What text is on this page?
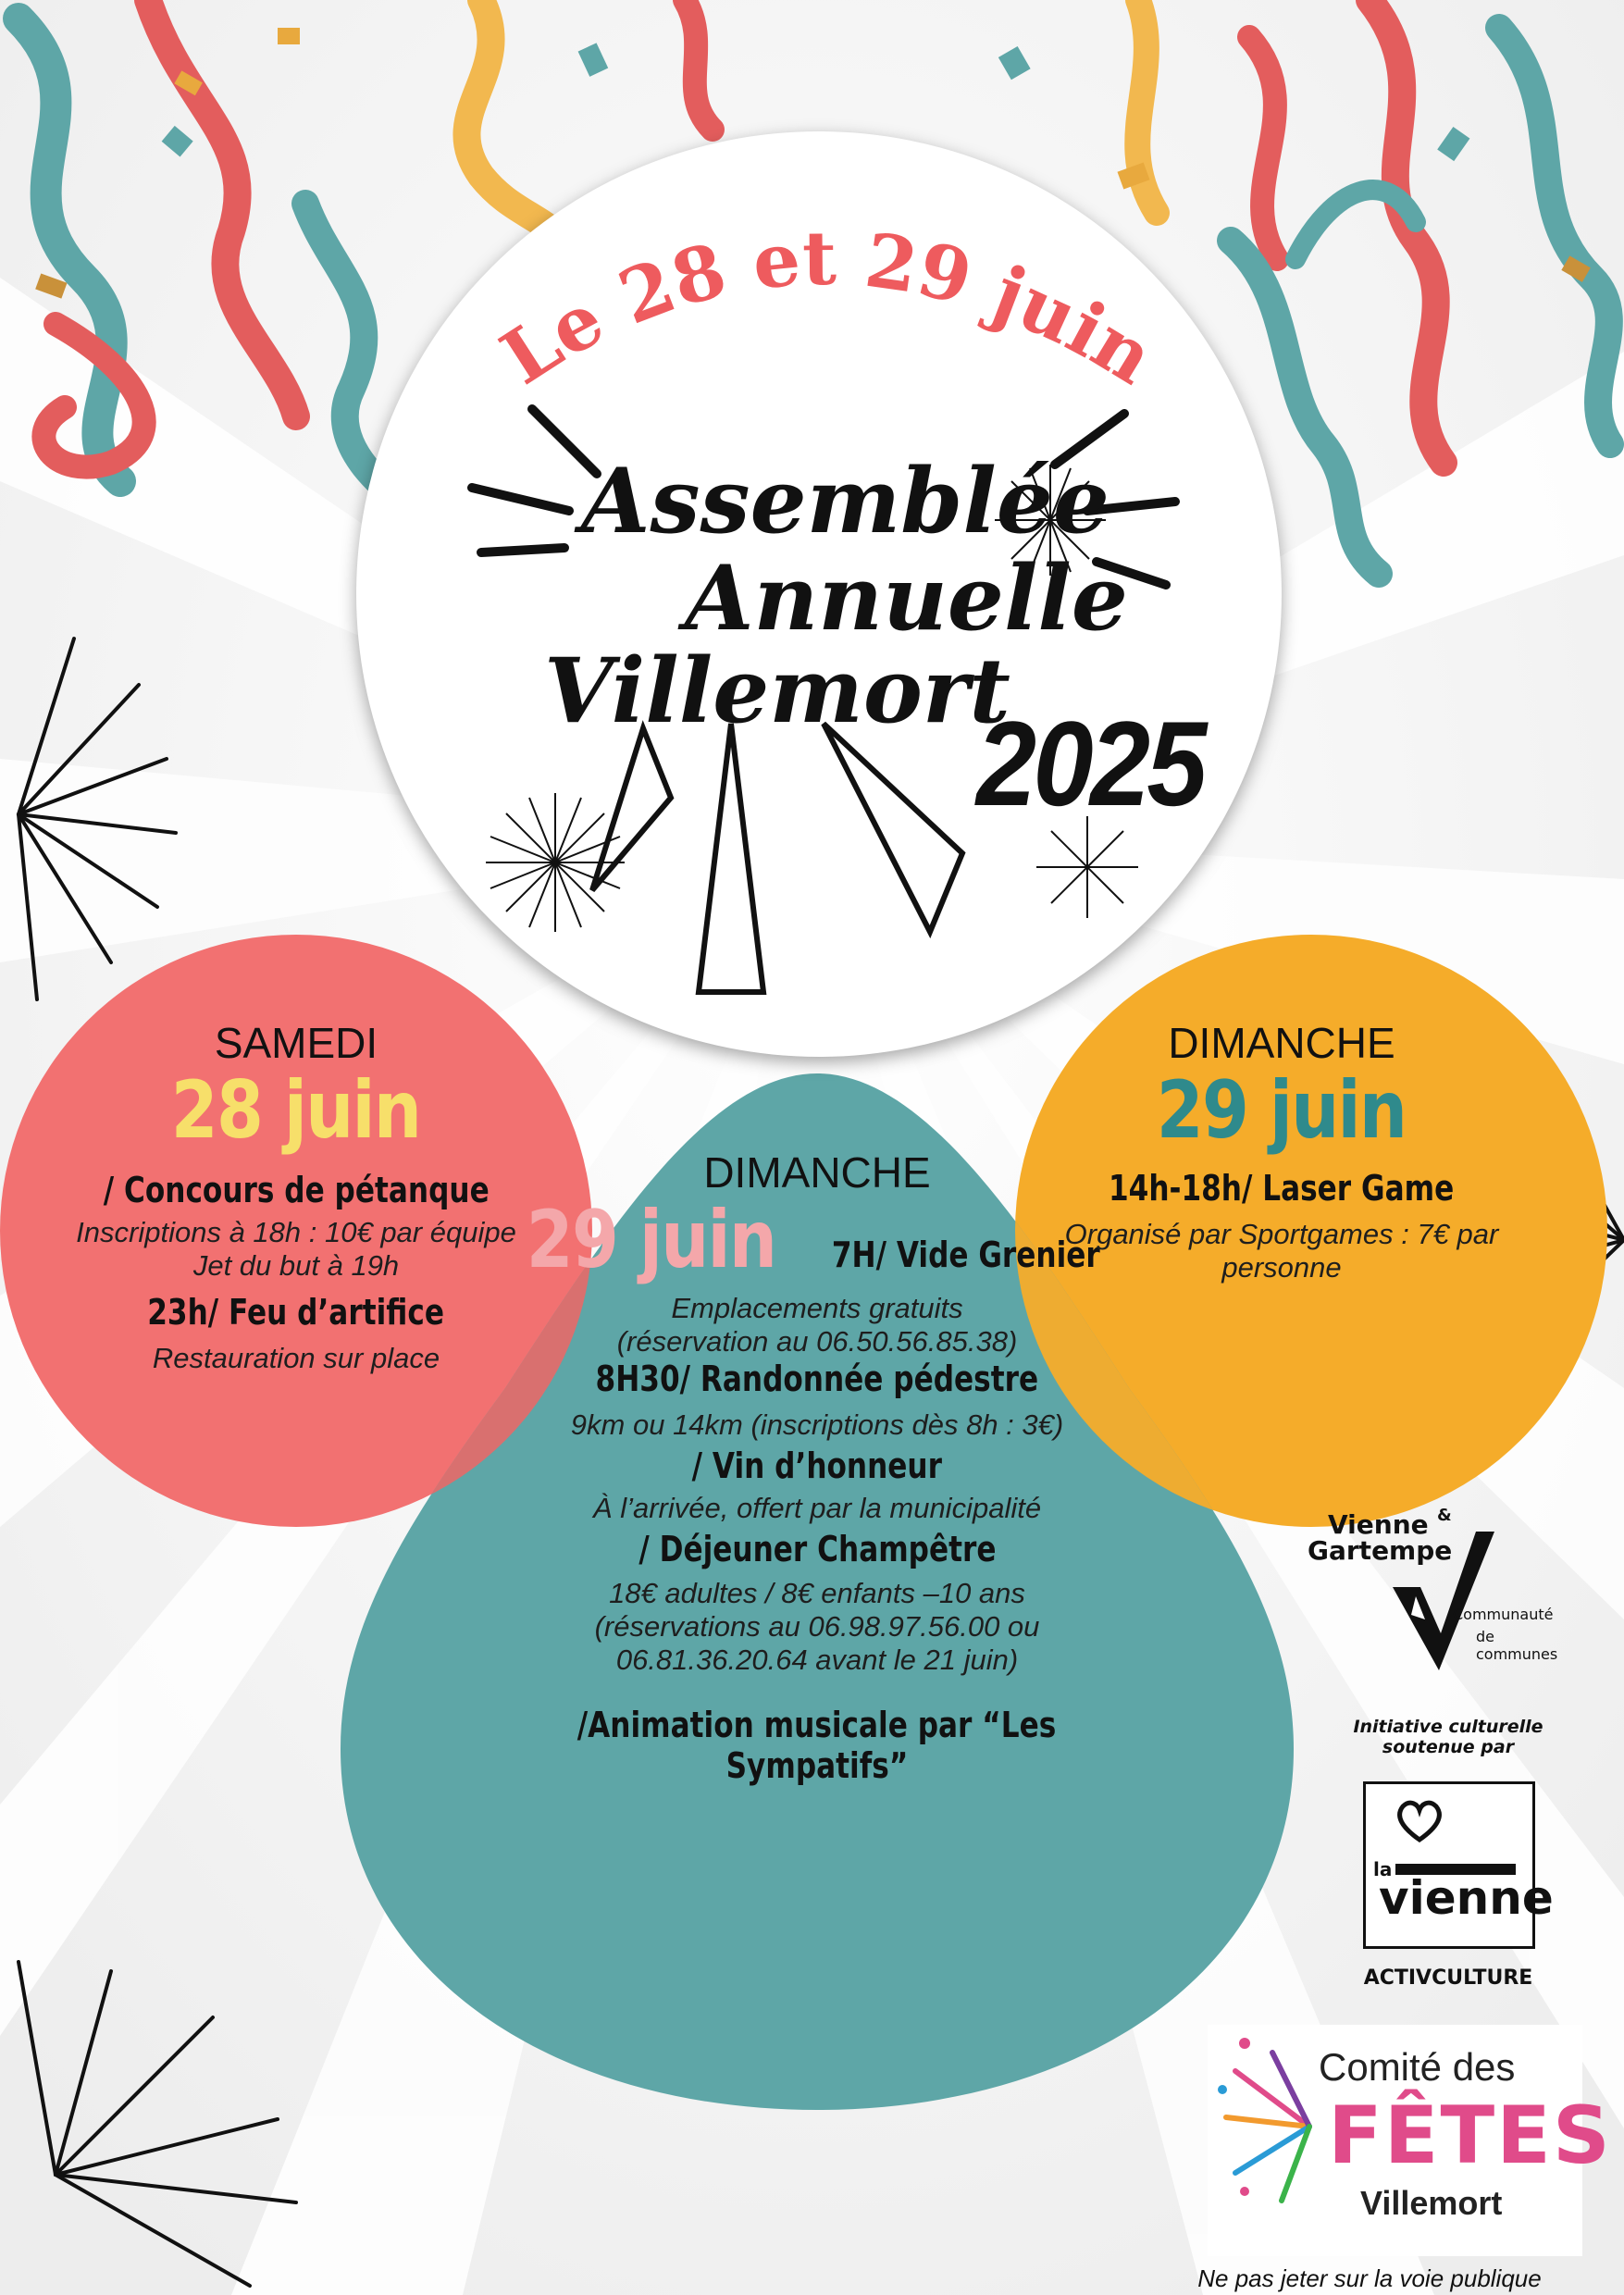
Le 28 et 29 juin
Assemblée
Annuelle
Villemort
2025
SAMEDI
28 juin
/ Concours de pétanque
Inscriptions à 18h : 10€ par équipe
Jet du but à 19h
23h/ Feu d’artifice
Restauration sur place
DIMANCHE
29 juin 7H/ Vide Grenier
Emplacements gratuits
(réservation au 06.50.56.85.38)
8H30/ Randonnée pédestre
9km ou 14km (inscriptions dès 8h : 3€)
/ Vin d’honneur
À l’arrivée, offert par la municipalité
/ Déjeuner Champêtre
18€ adultes / 8€ enfants –10 ans
(réservations au 06.98.97.56.00 ou
06.81.36.20.64 avant le 21 juin)
/Animation musicale par “Les
Sympatifs”
DIMANCHE
29 juin
14h-18h/ Laser Game
Organisé par Sportgames : 7€ par
personne
Vienne &
Gartempe
Communauté
de communes
Initiative culturelle
soutenue par
la
vienne
ACTIVCULTURE
Comité des
FÊTES
Villemort
Ne pas jeter sur la voie publique
